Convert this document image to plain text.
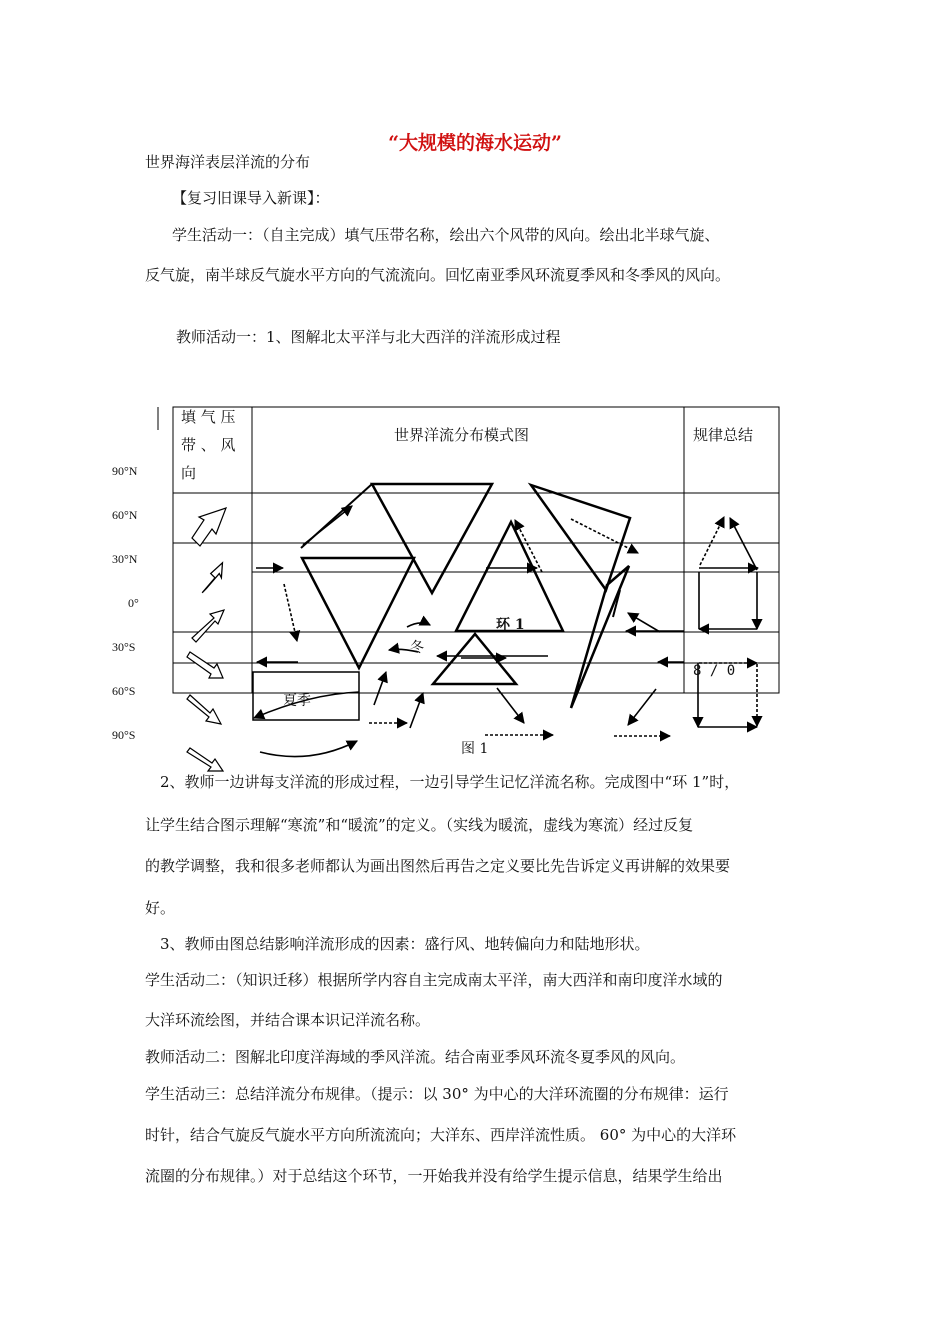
“大规模的海水运动”
世界海洋表层洋流的分布
【复习旧课导入新课】：
学生活动一：（自主完成）填气压带名称，绘出六个风带的风向。绘出北半球气旋、
反气旋，南半球反气旋水平方向的气流流向。回忆南亚季风环流夏季风和冬季风的风向。
教师活动一：1、图解北太平洋与北大西洋的洋流形成过程
填 气 压
带 、 风
向
世界洋流分布模式图	规律总结
90°N
60°N
30°N
0°
30°S
60°S
90°S
环 1
冬
夏季
8 / 0
图 1
2、教师一边讲每支洋流的形成过程，一边引导学生记忆洋流名称。完成图中“环 1”时，
让学生结合图示理解“寒流”和“暖流”的定义。（实线为暖流，虚线为寒流）经过反复
的教学调整，我和很多老师都认为画出图然后再告之定义要比先告诉定义再讲解的效果要
好。
3、教师由图总结影响洋流形成的因素：盛行风、地转偏向力和陆地形状。
学生活动二：（知识迁移）根据所学内容自主完成南太平洋，南大西洋和南印度洋水域的
大洋环流绘图，并结合课本识记洋流名称。
教师活动二：图解北印度洋海域的季风洋流。结合南亚季风环流冬夏季风的风向。
学生活动三：总结洋流分布规律。（提示：以 30° 为中心的大洋环流圈的分布规律：运行
时针，结合气旋反气旋水平方向所流流向；大洋东、西岸洋流性质。 60° 为中心的大洋环
流圈的分布规律。）对于总结这个环节，一开始我并没有给学生提示信息，结果学生给出
